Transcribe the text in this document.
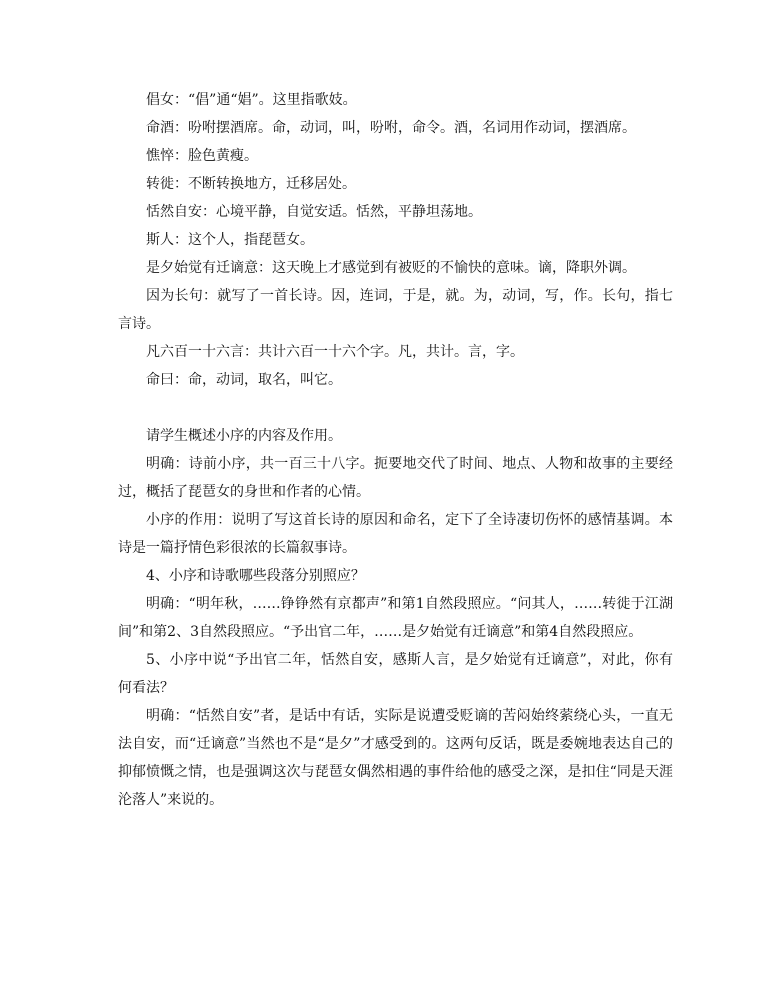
倡女：“倡”通“娼”。这里指歌妓。

命酒：吩咐摆酒席。命，动词，叫，吩咐，命令。酒，名词用作动词，摆酒席。

憔悴：脸色黄瘦。

转徙：不断转换地方，迁移居处。

恬然自安：心境平静，自觉安适。恬然，平静坦荡地。

斯人：这个人，指琵琶女。

是夕始觉有迁谪意：这天晚上才感觉到有被贬的不愉快的意味。谪，降职外调。

因为长句：就写了一首长诗。因，连词，于是，就。为，动词，写，作。长句，指七言诗。

凡六百一十六言：共计六百一十六个字。凡，共计。言，字。

命曰：命，动词，取名，叫它。

请学生概述小序的内容及作用。

明确：诗前小序，共一百三十八字。扼要地交代了时间、地点、人物和故事的主要经过，概括了琵琶女的身世和作者的心情。

小序的作用：说明了写这首长诗的原因和命名，定下了全诗凄切伤怀的感情基调。本诗是一篇抒情色彩很浓的长篇叙事诗。

4、小序和诗歌哪些段落分别照应？

明确：“明年秋，……铮铮然有京都声”和第1自然段照应。“问其人，……转徙于江湖间”和第2、3自然段照应。“予出官二年，……是夕始觉有迁谪意”和第4自然段照应。

5、小序中说“予出官二年，恬然自安，感斯人言，是夕始觉有迁谪意”，对此，你有何看法？

明确：“恬然自安”者，是话中有话，实际是说遭受贬谪的苦闷始终萦绕心头，一直无法自安，而“迁谪意”当然也不是“是夕”才感受到的。这两句反话，既是委婉地表达自己的抑郁愤慨之情，也是强调这次与琵琶女偶然相遇的事件给他的感受之深，是扣住“同是天涯沦落人”来说的。
